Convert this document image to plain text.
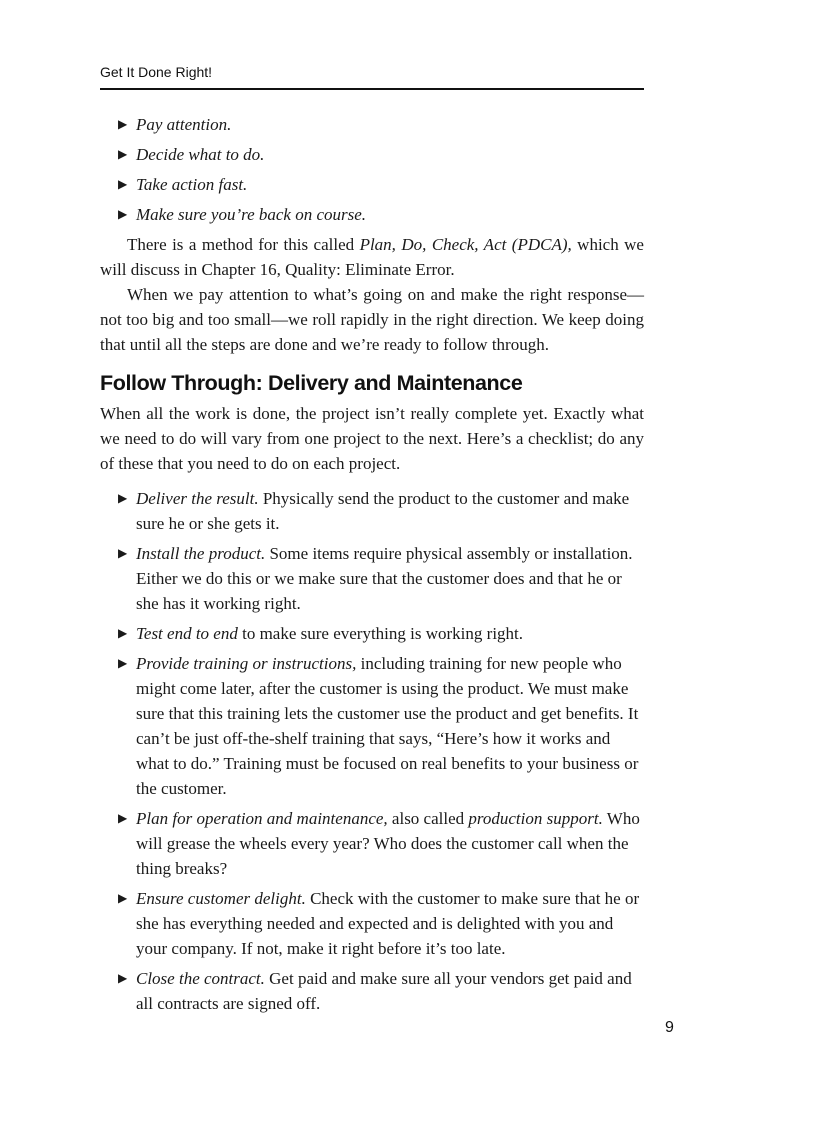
Get It Done Right!
▶ Pay attention.
▶ Decide what to do.
▶ Take action fast.
▶ Make sure you’re back on course.

There is a method for this called Plan, Do, Check, Act (PDCA), which we will discuss in Chapter 16, Quality: Eliminate Error.

When we pay attention to what’s going on and make the right response—not too big and too small—we roll rapidly in the right direction. We keep doing that until all the steps are done and we’re ready to follow through.

Follow Through: Delivery and Maintenance

When all the work is done, the project isn’t really complete yet. Exactly what we need to do will vary from one project to the next. Here’s a checklist; do any of these that you need to do on each project.

▶ Deliver the result. Physically send the product to the customer and make sure he or she gets it.
▶ Install the product. Some items require physical assembly or installation. Either we do this or we make sure that the customer does and that he or she has it working right.
▶ Test end to end to make sure everything is working right.
▶ Provide training or instructions, including training for new people who might come later, after the customer is using the product. We must make sure that this training lets the customer use the product and get benefits. It can’t be just off-the-shelf training that says, “Here’s how it works and what to do.” Training must be focused on real benefits to your business or the customer.
▶ Plan for operation and maintenance, also called production support. Who will grease the wheels every year? Who does the customer call when the thing breaks?
▶ Ensure customer delight. Check with the customer to make sure that he or she has everything needed and expected and is delighted with you and your company. If not, make it right before it’s too late.
▶ Close the contract. Get paid and make sure all your vendors get paid and all contracts are signed off.
9
